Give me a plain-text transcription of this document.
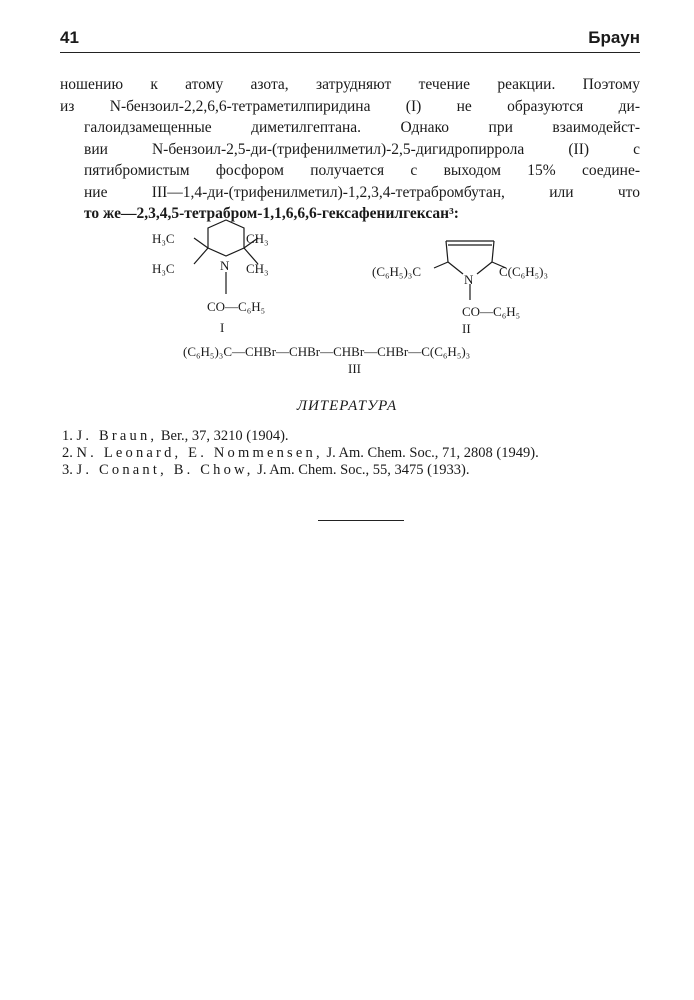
41	Браун
ношению к атому азота, затрудняют течение реакции. Поэтому
из N-бензоил-2,2,6,6-тетраметилпиридина (I) не образуются ди-
галоидзамещенные диметилгептана. Однако при взаимодейст-
вии N-бензоил-2,5-ди-(трифенилметил)-2,5-дигидропиррола (II) с
пятибромистым фосфором получается с выходом 15% соедине-
ние III—1,4-ди-(трифенилметил)-1,2,3,4-тетрабромбутан, или что
то же—2,3,4,5-тетрабром-1,1,6,6,6-гексафенилгексан³:
H₃C	CH₃
H₃C	CH₃
N
CO—C₆H₅
I
(C₆H₅)₃C	C(C₆H₅)₃
N
CO—C₆H₅
II
(C₆H₅)₃C—CHBr—CHBr—CHBr—CHBr—C(C₆H₅)₃
III
ЛИТЕРАТУРА
1. J. Braun, Ber., 37, 3210 (1904).
2. N. Leonard, E. Nommensen, J. Am. Chem. Soc., 71, 2808 (1949).
3. J. Conant, B. Chow, J. Am. Chem. Soc., 55, 3475 (1933).
